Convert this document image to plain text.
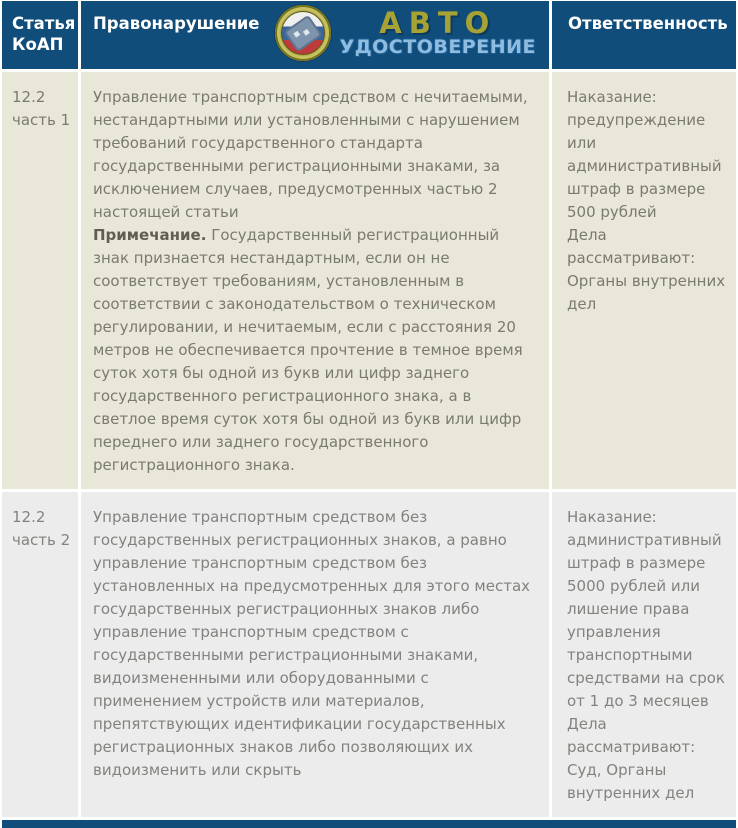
Статья КоАП
Правонарушение	АВТО
УДОСТОВЕРЕНИЕ
Ответственность
12.2
часть 1

Управление транспортным средством с нечитаемыми, нестандартными или установленными с нарушением требований государственного стандарта государственными регистрационными знаками, за исключением случаев, предусмотренных частью 2 настоящей статьи

Примечание. Государственный регистрационный знак признается нестандартным, если он не соответствует требованиям, установленным в соответствии с законодательством о техническом регулировании, и нечитаемым, если с расстояния 20 метров не обеспечивается прочтение в темное время суток хотя бы одной из букв или цифр заднего государственного регистрационного знака, а в светлое время суток хотя бы одной из букв или цифр переднего или заднего государственного регистрационного знака.

Наказание: предупреждение или административный штраф в размере 500 рублей
Дела рассматривают: Органы внутренних дел
12.2
часть 2

Управление транспортным средством без государственных регистрационных знаков, а равно управление транспортным средством без установленных на предусмотренных для этого местах государственных регистрационных знаков либо управление транспортным средством с государственными регистрационными знаками, видоизмененными или оборудованными с применением устройств или материалов, препятствующих идентификации государственных регистрационных знаков либо позволяющих их видоизменить или скрыть

Наказание: административный штраф в размере 5000 рублей или лишение права управления транспортными средствами на срок от 1 до 3 месяцев
Дела рассматривают: Суд, Органы внутренних дел
